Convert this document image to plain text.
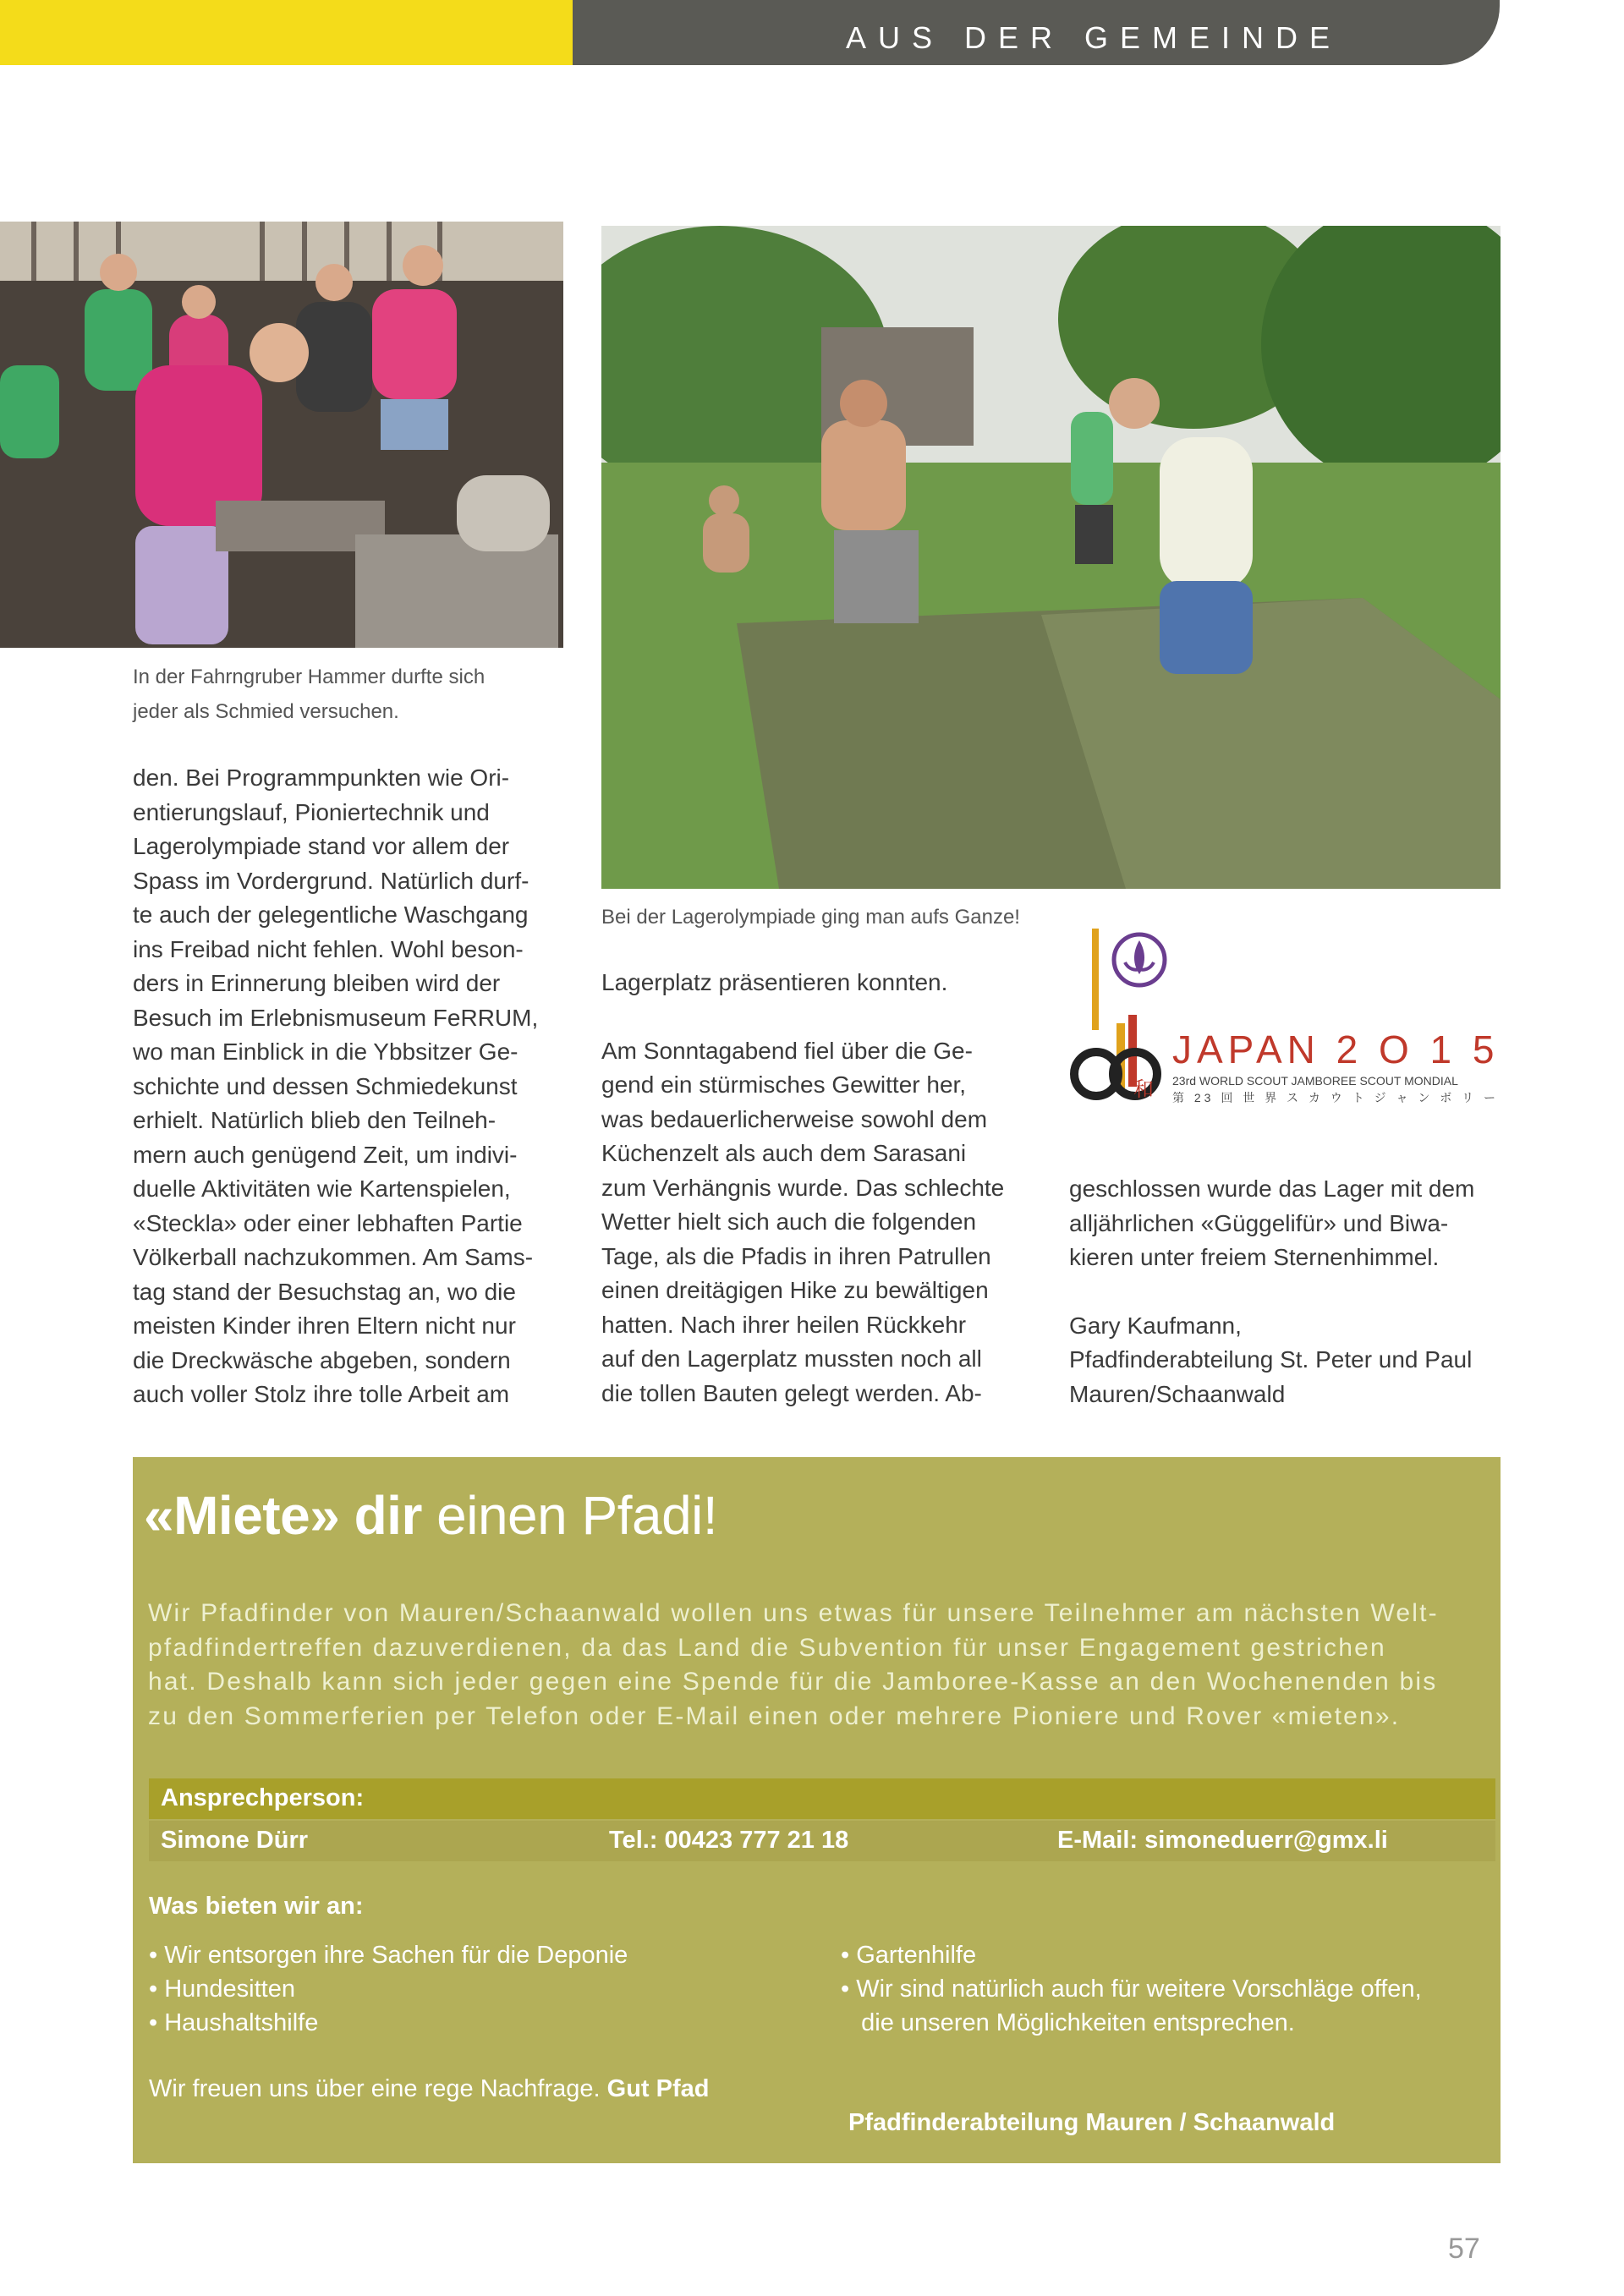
AUS DER GEMEINDE
In der Fahrngruber Hammer durfte sich
jeder als Schmied versuchen.
Bei der Lagerolympiade ging man aufs Ganze!

den. Bei Programmpunkten wie Ori-

entierungslauf, Pioniertechnik und

Lagerolympiade stand vor allem der

Spass im Vordergrund. Natürlich durf-

te auch der gelegentliche Waschgang

ins Freibad nicht fehlen. Wohl beson-

ders in Erinnerung bleiben wird der

Besuch im Erlebnismuseum FeRRUM,

wo man Einblick in die Ybbsitzer Ge-

schichte und dessen Schmiedekunst

erhielt. Natürlich blieb den Teilneh-

mern auch genügend Zeit, um indivi-

duelle Aktivitäten wie Kartenspielen,

«Steckla» oder einer lebhaften Partie

Völkerball nachzukommen. Am Sams-

tag stand der Besuchstag an, wo die

meisten Kinder ihren Eltern nicht nur

die Dreckwäsche abgeben, sondern

auch voller Stolz ihre tolle Arbeit am

Lagerplatz präsentieren konnten.

Am Sonntagabend fiel über die Ge-

gend ein stürmisches Gewitter her,

was bedauerlicherweise sowohl dem

Küchenzelt als auch dem Sarasani

zum Verhängnis wurde. Das schlechte

Wetter hielt sich auch die folgenden

Tage, als die Pfadis in ihren Patrullen

einen dreitägigen Hike zu bewältigen

hatten. Nach ihrer heilen Rückkehr

auf den Lagerplatz mussten noch all

die tollen Bauten gelegt werden. Ab-

JAPAN 2 O 1 5
和 23rd WORLD SCOUT JAMBOREE SCOUT MONDIAL
第 23 回 世 界 ス カ ウ ト ジ ャ ン ボ リ ー

geschlossen wurde das Lager mit dem

alljährlichen «Güggelifür» und Biwa-

kieren unter freiem Sternenhimmel.

Gary Kaufmann,

Pfadfinderabteilung St. Peter und Paul

Mauren/Schaanwald

«Miete» dir einen Pfadi!
Wir Pfadfinder von Mauren/Schaanwald wollen uns etwas für unsere Teilnehmer am nächsten Welt-
pfadfindertreffen dazuverdienen, da das Land die Subvention für unser Engagement gestrichen
hat. Deshalb kann sich jeder gegen eine Spende für die Jamboree-Kasse an den Wochenenden bis
zu den Sommerferien per Telefon oder E-Mail einen oder mehrere Pioniere und Rover «mieten».
Ansprechperson:
Simone Dürr	Tel.: 00423 777 21 18	E-Mail: simoneduerr@gmx.li
Was bieten wir an:
• Wir entsorgen ihre Sachen für die Deponie
• Hundesitten
• Haushaltshilfe
• Gartenhilfe
• Wir sind natürlich auch für weitere Vorschläge offen,
die unseren Möglichkeiten entsprechen.
Wir freuen uns über eine rege Nachfrage. Gut Pfad
Pfadfinderabteilung Mauren / Schaanwald
57
